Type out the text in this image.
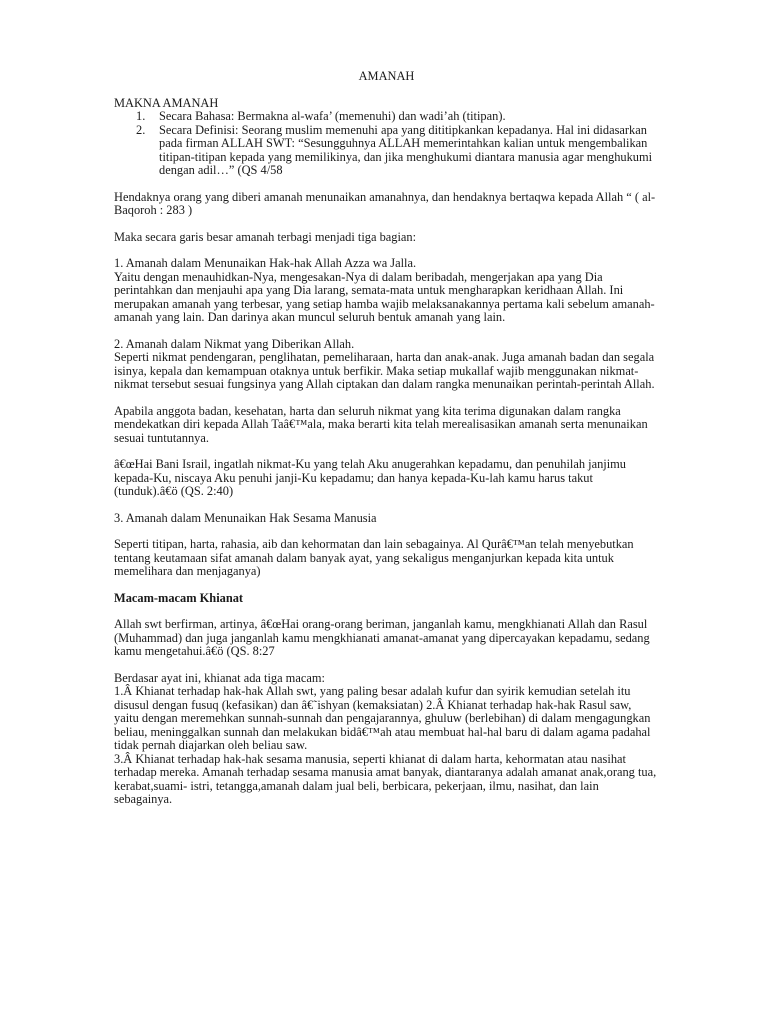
AMANAH

MAKNA AMANAH

1. Secara Bahasa: Bermakna al-wafa’ (memenuhi) dan wadi’ah (titipan).
2. Secara Definisi: Seorang muslim memenuhi apa yang dititipkankan kepadanya. Hal ini didasarkan pada firman ALLAH SWT: “Sesungguhnya ALLAH memerintahkan kalian untuk mengembalikan titipan-titipan kepada yang memilikinya, dan jika menghukumi diantara manusia agar menghukumi dengan adil…” (QS 4/58

Hendaknya orang yang diberi amanah menunaikan amanahnya, dan hendaknya bertaqwa kepada Allah “ ( al-Baqoroh : 283 )

Maka secara garis besar amanah terbagi menjadi tiga bagian:

1. Amanah dalam Menunaikan Hak-hak Allah Azza wa Jalla.

Yaitu dengan menauhidkan-Nya, mengesakan-Nya di dalam beribadah, mengerjakan apa yang Dia perintahkan dan menjauhi apa yang Dia larang, semata-mata untuk mengharapkan keridhaan Allah. Ini merupakan amanah yang terbesar, yang setiap hamba wajib melaksanakannya pertama kali sebelum amanah-amanah yang lain. Dan darinya akan muncul seluruh bentuk amanah yang lain.

2. Amanah dalam Nikmat yang Diberikan Allah.

Seperti nikmat pendengaran, penglihatan, pemeliharaan, harta dan anak-anak. Juga amanah badan dan segala isinya, kepala dan kemampuan otaknya untuk berfikir. Maka setiap mukallaf wajib menggunakan nikmat-nikmat tersebut sesuai fungsinya yang Allah ciptakan dan dalam rangka menunaikan perintah-perintah Allah.

Apabila anggota badan, kesehatan, harta dan seluruh nikmat yang kita terima digunakan dalam rangka mendekatkan diri kepada Allah Taâ€™ala, maka berarti kita telah merealisasikan amanah serta menunaikan sesuai tuntutannya.

â€œHai Bani Israil, ingatlah nikmat-Ku yang telah Aku anugerahkan kepadamu, dan penuhilah janjimu kepada-Ku, niscaya Aku penuhi janji-Ku kepadamu; dan hanya kepada-Ku-lah kamu harus takut (tunduk).â€ö (QS. 2:40)

3. Amanah dalam Menunaikan Hak Sesama Manusia

Seperti titipan, harta, rahasia, aib dan kehormatan dan lain sebagainya. Al Qurâ€™an telah menyebutkan tentang keutamaan sifat amanah dalam banyak ayat, yang sekaligus menganjurkan kepada kita untuk memelihara dan menjaganya)

Macam-macam Khianat

Allah swt berfirman, artinya, â€œHai orang-orang beriman, janganlah kamu, mengkhianati Allah dan Rasul (Muhammad) dan juga janganlah kamu mengkhianati amanat-amanat yang dipercayakan kepadamu, sedang kamu mengetahui.â€ö (QS. 8:27

Berdasar ayat ini, khianat ada tiga macam:

1.Â Khianat terhadap hak-hak Allah swt, yang paling besar adalah kufur dan syirik kemudian setelah itu disusul dengan fusuq (kefasikan) dan â€˜ishyan (kemaksiatan) 2.Â Khianat terhadap hak-hak Rasul saw, yaitu dengan meremehkan sunnah-sunnah dan pengajarannya, ghuluw (berlebihan) di dalam mengagungkan beliau, meninggalkan sunnah dan melakukan bidâ€™ah atau membuat hal-hal baru di dalam agama padahal tidak pernah diajarkan oleh beliau saw.

3.Â Khianat terhadap hak-hak sesama manusia, seperti khianat di dalam harta, kehormatan atau nasihat terhadap mereka. Amanah terhadap sesama manusia amat banyak, diantaranya adalah amanat anak,orang tua, kerabat,suami- istri, tetangga,amanah dalam jual beli, berbicara, pekerjaan, ilmu, nasihat, dan lain sebagainya.
